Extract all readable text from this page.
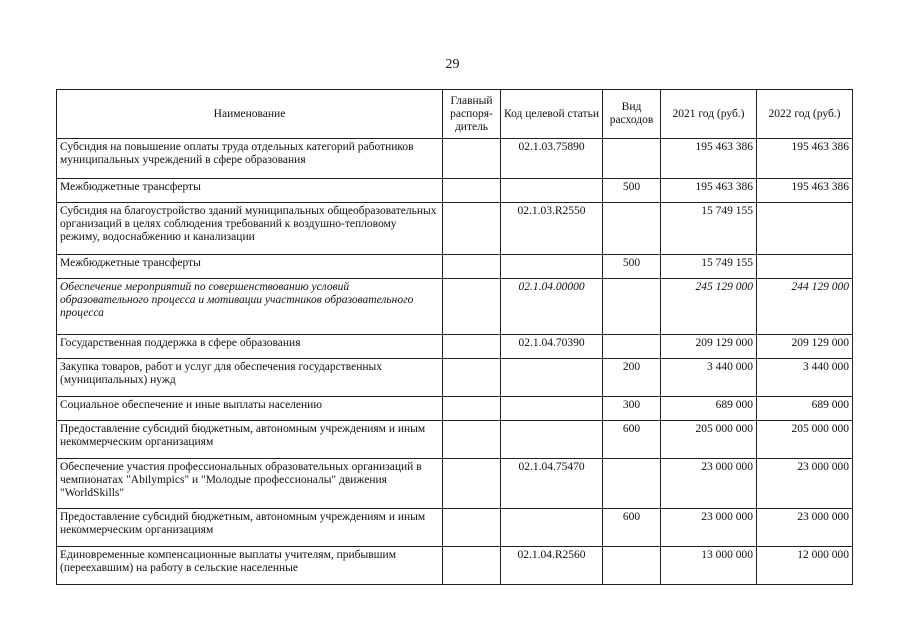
29
Наименование	Главный распоря-дитель	Код целевой статьи	Вид расходов	2021 год (руб.)	2022 год (руб.)
Субсидия на повышение оплаты труда отдельных категорий работников муниципальных учреждений в сфере образования		02.1.03.75890		195 463 386	195 463 386
Межбюджетные трансферты			500	195 463 386	195 463 386
Субсидия на благоустройство зданий муниципальных общеобразовательных организаций в целях соблюдения требований к воздушно-тепловому режиму, водоснабжению и канализации		02.1.03.R2550		15 749 155	
Межбюджетные трансферты			500	15 749 155	
Обеспечение мероприятий по совершенствованию условий образовательного процесса и мотивации участников образовательного процесса		02.1.04.00000		245 129 000	244 129 000
Государственная поддержка в сфере образования		02.1.04.70390		209 129 000	209 129 000
Закупка товаров, работ и услуг для обеспечения государственных (муниципальных) нужд			200	3 440 000	3 440 000
Социальное обеспечение и иные выплаты населению			300	689 000	689 000
Предоставление субсидий бюджетным, автономным учреждениям и иным некоммерческим организациям			600	205 000 000	205 000 000
Обеспечение участия профессиональных образовательных организаций в чемпионатах "Abilympics" и "Молодые профессионалы" движения "WorldSkills"		02.1.04.75470		23 000 000	23 000 000
Предоставление субсидий бюджетным, автономным учреждениям и иным некоммерческим организациям			600	23 000 000	23 000 000
Единовременные компенсационные выплаты учителям, прибывшим (переехавшим) на работу в сельские населенные		02.1.04.R2560		13 000 000	12 000 000
